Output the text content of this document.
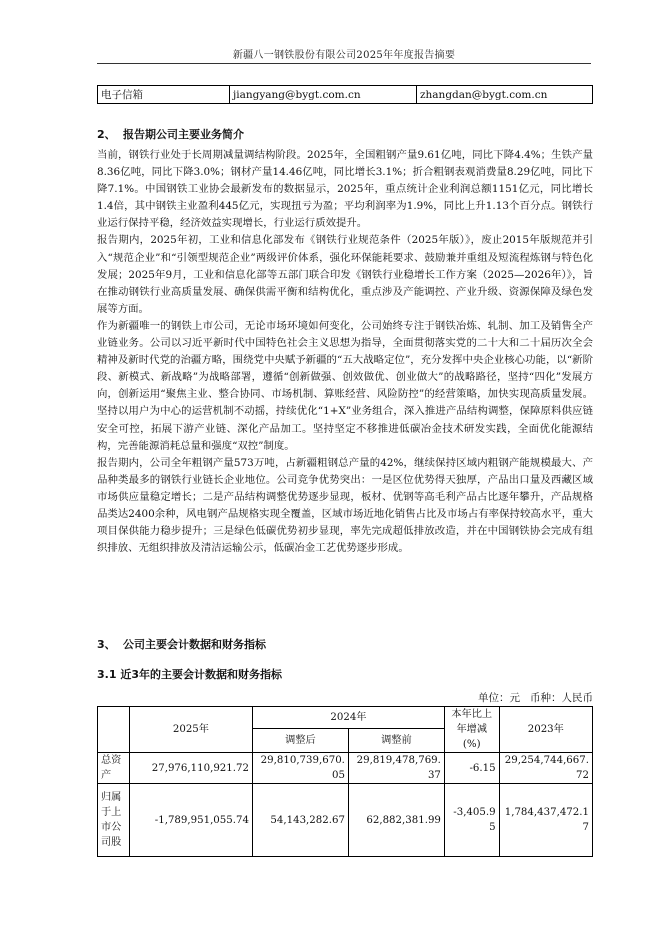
新疆八一钢铁股份有限公司2025年年度报告摘要
电子信箱	jiangyang@bygt.com.cn	zhangdan@bygt.com.cn
2、 报告期公司主要业务简介

当前，钢铁行业处于长周期减量调结构阶段。2025年，全国粗钢产量9.61亿吨，同比下降4.4%；生铁产量8.36亿吨，同比下降3.0%；钢材产量14.46亿吨，同比增长3.1%；折合粗钢表观消费量8.29亿吨，同比下降7.1%。中国钢铁工业协会最新发布的数据显示，2025年，重点统计企业利润总额1151亿元，同比增长1.4倍，其中钢铁主业盈利445亿元，实现扭亏为盈；平均利润率为1.9%，同比上升1.13个百分点。钢铁行业运行保持平稳，经济效益实现增长，行业运行质效提升。

报告期内，2025年初，工业和信息化部发布《钢铁行业规范条件（2025年版）》，废止2015年版规范并引入“规范企业”和“引领型规范企业”两级评价体系，强化环保能耗要求、鼓励兼并重组及短流程炼钢与特色化发展；2025年9月，工业和信息化部等五部门联合印发《钢铁行业稳增长工作方案（2025—2026年）》，旨在推动钢铁行业高质量发展、确保供需平衡和结构优化，重点涉及产能调控、产业升级、资源保障及绿色发展等方面。

作为新疆唯一的钢铁上市公司，无论市场环境如何变化，公司始终专注于钢铁冶炼、轧制、加工及销售全产业链业务。公司以习近平新时代中国特色社会主义思想为指导，全面贯彻落实党的二十大和二十届历次全会精神及新时代党的治疆方略，围绕党中央赋予新疆的“五大战略定位”，充分发挥中央企业核心功能，以“新阶段、新模式、新战略”为战略部署，遵循“创新做强、创效做优、创业做大”的战略路径，坚持“四化”发展方向，创新运用“聚焦主业、整合协同、市场机制、算账经营、风险防控”的经营策略，加快实现高质量发展。坚持以用户为中心的运营机制不动摇，持续优化“1+X”业务组合，深入推进产品结构调整，保障原料供应链安全可控，拓展下游产业链、深化产品加工。坚持坚定不移推进低碳冶金技术研发实践，全面优化能源结构，完善能源消耗总量和强度“双控”制度。

报告期内，公司全年粗钢产量573万吨，占新疆粗钢总产量的42%，继续保持区域内粗钢产能规模最大、产品种类最多的钢铁行业链长企业地位。公司竞争优势突出：一是区位优势得天独厚，产品出口量及西藏区域市场供应量稳定增长；二是产品结构调整优势逐步显现，板材、优钢等高毛利产品占比逐年攀升，产品规格品类达2400余种，风电钢产品规格实现全覆盖，区域市场近地化销售占比及市场占有率保持较高水平，重大项目保供能力稳步提升；三是绿色低碳优势初步显现，率先完成超低排放改造，并在中国钢铁协会完成有组织排放、无组织排放及清洁运输公示，低碳冶金工艺优势逐步形成。

3、 公司主要会计数据和财务指标
3.1 近3年的主要会计数据和财务指标
单位：元 币种：人民币
	2025年	2024年		本年比上年增减(%)	2023年
		调整后	调整前		
总资产	27,976,110,921.72	29,810,739,670.05	29,819,478,769.37	-6.15	29,254,744,667.72
归属于上市公司股	-1,789,951,055.74	54,143,282.67	62,882,381.99	-3,405.95	1,784,437,472.17
